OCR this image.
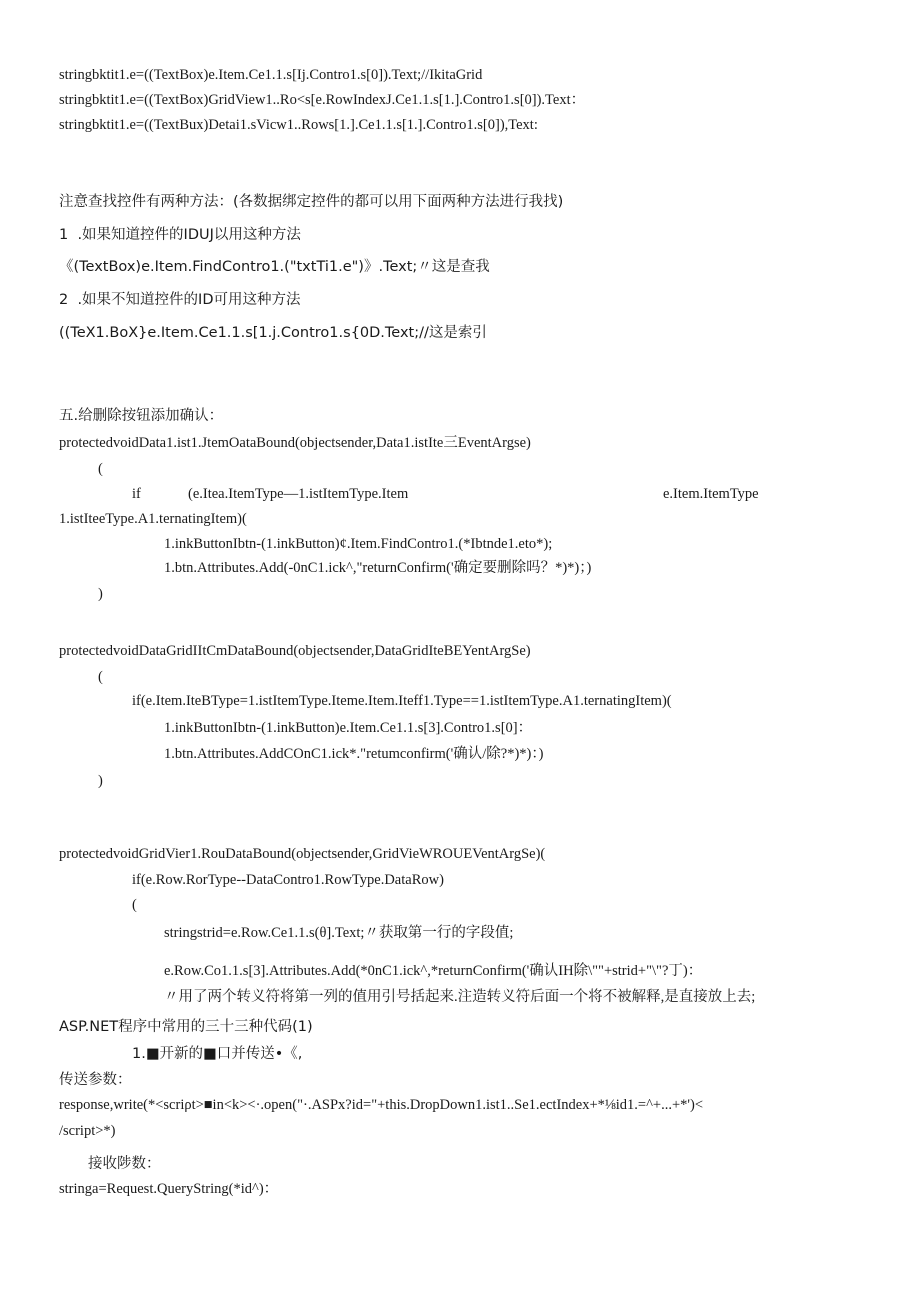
stringbktit1.e=((TextBox)e.Item.Ce1.1.s[Ij.Contro1.s[0]).Text;//IkitaGrid
stringbktit1.e=((TextBox)GridView1..Ro<s[e.RowIndexJ.Ce1.1.s[1.].Contro1.s[0]).Text：
stringbktit1.e=((TextBux)Detai1.sVicw1..Rows[1.].Ce1.1.s[1.].Contro1.s[0]),Text:
注意查找控件有两种方法：(各数据绑定控件的都可以用下面两种方法进行我找)
1  .如果知道控件的IDUJ以用这种方法
《(TextBox)e.Item.FindContro1.("txtTi1.e")》.Text;〃这是查我
2  .如果不知道控件的ID可用这种方法
((TeX1.BoX}e.Item.Ce1.1.s[1.j.Contro1.s{0D.Text;//这是索引
五.给删除按钮添加确认：
protectedvoidData1.ist1.JtemOataBound(objectsender,Data1.istIte三EventArgse)
(
if	(e.Itea.ItemType—1.istItemType.Item	e.Item.ItemType
1.istIteeType.A1.ternatingItem)(
1.inkButtonIbtn-(1.inkButton)¢.Item.FindContro1.(*Ibtnde1.eto*);
1.btn.Attributes.Add(-0nC1.ick^,"returnConfirm('确定要删除吗？*)*)；)
)
protectedvoidDataGridIItCmDataBound(objectsender,DataGridIteBEYentArgSe)
(
if(e.Item.IteBType=1.istItemType.Iteme.Item.Iteff1.Type==1.istItemType.A1.ternatingItem)(
1.inkButtonIbtn-(1.inkButton)e.Item.Ce1.1.s[3].Contro1.s[0]：
1.btn.Attributes.AddCOnC1.ick*."retumconfirm('确认/除?*)*)：)
)
protectedvoidGridVier1.RouDataBound(objectsender,GridVieWROUEVentArgSe)(
if(e.Row.RorType--DataContro1.RowType.DataRow)
(
stringstrid=e.Row.Ce1.1.s(θ].Text;〃获取第一行的字段值;
e.Row.Co1.1.s[3].Attributes.Add(*0nC1.ick^,*returnConfirm('确认IH除\""+strid+"\"?丁)：
〃用了两个转义符将第一列的值用引号括起来.注造转义符后面一个将不被解释,是直接放上去;
ASP.NET程序中常用的三十三种代码(1)
1.■开新的■口并传送•《,
传送参数：
response,write(*<scriρt>■in<k><·.open("·.ASPx?id="+this.DropDown1.ist1..Se1.ectIndex+*⅛id1.=^+...+*')<
/script>*)
接收陟数：
stringa=Request.QueryString(*id^)：
